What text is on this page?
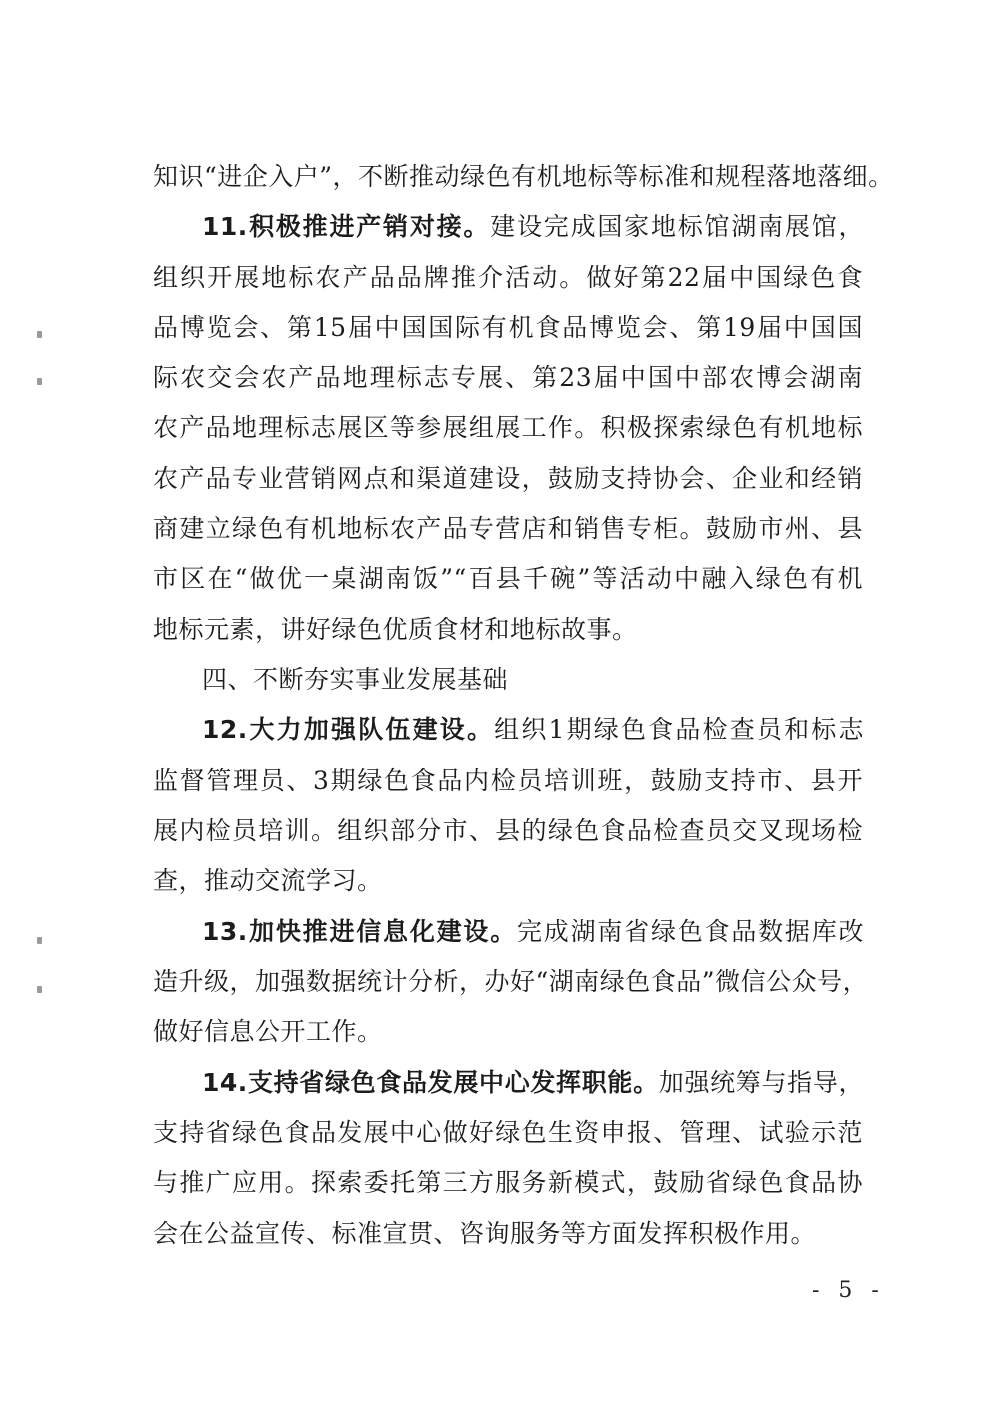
知识“进企入户”，不断推动绿色有机地标等标准和规程落地落细。
11.积极推进产销对接。建设完成国家地标馆湖南展馆，
组织开展地标农产品品牌推介活动。做好第22届中国绿色食
品博览会、第15届中国国际有机食品博览会、第19届中国国
际农交会农产品地理标志专展、第23届中国中部农博会湖南
农产品地理标志展区等参展组展工作。积极探索绿色有机地标
农产品专业营销网点和渠道建设，鼓励支持协会、企业和经销
商建立绿色有机地标农产品专营店和销售专柜。鼓励市州、县
市区在“做优一桌湖南饭”“百县千碗”等活动中融入绿色有机
地标元素，讲好绿色优质食材和地标故事。
四、不断夯实事业发展基础
12.大力加强队伍建设。组织1期绿色食品检查员和标志
监督管理员、3期绿色食品内检员培训班，鼓励支持市、县开
展内检员培训。组织部分市、县的绿色食品检查员交叉现场检
查，推动交流学习。
13.加快推进信息化建设。完成湖南省绿色食品数据库改
造升级，加强数据统计分析，办好“湖南绿色食品”微信公众号，
做好信息公开工作。
14.支持省绿色食品发展中心发挥职能。加强统筹与指导，
支持省绿色食品发展中心做好绿色生资申报、管理、试验示范
与推广应用。探索委托第三方服务新模式，鼓励省绿色食品协
会在公益宣传、标准宣贯、咨询服务等方面发挥积极作用。
- 5 -
